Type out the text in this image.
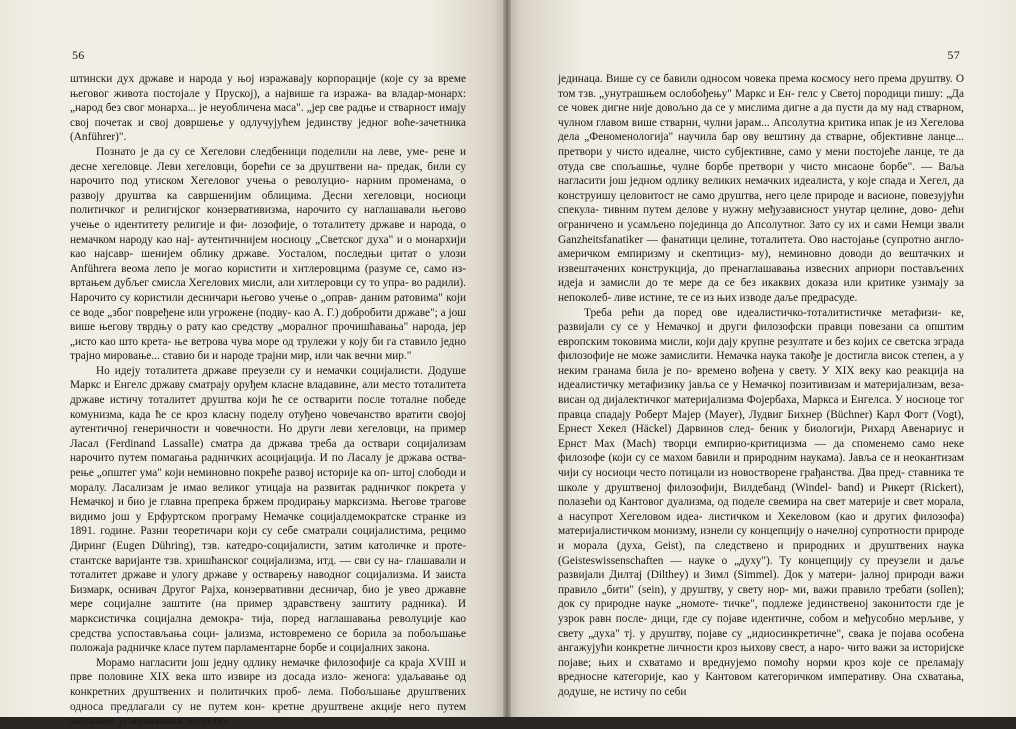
56

штински дух државе и народа у њој изражавају корпорације (које су за време његовог живота постојале у Пруској), а највише га изража- ва владар-монарх: „народ без свог монарха... је неуобличена маса". „јер све радње и стварност имају свој почетак и свој довршење у одлучујућем јединству једног воће-зачетника (Anführer)".

Познато је да су се Хегелови следбеници поделили на леве, уме- рене и десне хегеловце. Леви хегеловци, борећи се за друштвени на- предак, били су нарочито под утиском Хегеловог учења о револуцио- нарним променама, о развоју друштва ка савршенијим облицима. Десни хегеловци, носиоци политичког и религијског конзервативизма, нарочито су наглашавали његово учење о идентитету религије и фи- лозофије, о тоталитету државе и народа, о немачком народу као нај- аутентичнијем носиоцу „Светског духа" и о монархији као најсавр- шенијем облику државе. Уосталом, последњи цитат о улози Anführera веома лепо је могао користити и хитлеровцима (разуме се, само из- вртањем дубљег смисла Хегелових мисли, али хитлеровци су то упра- во радили). Нарочито су користили десничари његово учење о „оправ- даним ратовима" који се воде „због повређене или угрожене (подву- као А. Г.) добробити државе"; а још више његову тврдњу о рату као средству „моралног прочишћавања" народа, јер „исто као што крета- ње ветрова чува море од трулежи у коју би га ставило једно трајно мировање... ставио би и народе трајни мир, или чак вечни мир."

Но идеју тоталитета државе преузели су и немачки социјалисти. Додуше Маркс и Енгелс државу сматрају оруђем класне владавине, али место тоталитета државе истичу тоталитет друштва који ће се остварити после тоталне победе комунизма, када ће се кроз класну поделу отуђено човечанство вратити својој аутентичној генеричности и човечности. Но други леви хегеловци, на пример Ласал (Ferdinand Lassalle) сматра да држава треба да оствари социјализам нарочито путем помагања радничких асоцијација. И по Ласалу је држава оства- рење „општег ума" који неминовно покреће развој историје ка оп- штој слободи и моралу. Ласализам је имао великог утицаја на развитак радничког покрета у Немачкој и био је главна препрека бржем продирању марксизма. Његове трагове видимо још у Ерфуртском програму Немачке социјалдемократске странке из 1891. године. Разни теоретичари који су себе сматрали социјалистима, рецимо Диринг (Eugen Dühring), тзв. катедро-социјалисти, затим католичке и проте- стантске варијанте тзв. хришћанског социјализма, итд. — сви су на- глашавали и тоталитет државе и улогу државе у остварењу наводног социјализма. И заиста Бизмарк, оснивач Другог Рајха, конзервативни десничар, био је увео државне мере социјалне заштите (на пример здравствену заштиту радника). И марксистичка социјална демокра- тија, поред наглашавања револуције као средства успостављања соци- јализма, истовремено се борила за побољшање положаја радничке класе путем парламентарне борбе и социјалних закона.

Морамо нагласити још једну одлику немачке филозофије са краја XVIII и прве половине XIX века што извире из досада изло- женога: удаљавање од конкретних друштвених и политичких проб- лема. Побољшање друштвених односа предлагали су не путем кон- кретне друштвене акције него путем моралног усавршавања људи-по-

57

јединаца. Више су се бавили односом човека према космосу него према друштву. О том тзв. „унутрашњем ослобођењу" Маркс и Ен- гелс у Светој породици пишу: „Да се човек дигне није довољно да се у мислима дигне а да пусти да му над стварном, чулном главом више стварни, чулни јарам... Апсолутна критика ипак је из Хегелова дела „Феноменологија" научила бар ову вештину да стварне, објективне ланце... претвори у чисто идеалне, чисто субјективне, само у мени постојеће ланце, те да отуда све спољашње, чулне борбе претвори у чисто мисаоне борбе". — Ваља нагласити још једном одлику великих немачких идеалиста, у које спада и Хегел, да конструишу целовитост не само друштва, него целе природе и васионе, повезујући спекула- тивним путем делове у нужну међузависност унутар целине, дово- дећи ограничено и усамљено појединца до Апсолутног. Зато су их и сами Немци звали Ganzheitsfanatiker — фанатици целине, тоталитета. Ово настојање (супротно англо-америчком емпиризму и скептициз- му), неминовно доводи до вештачких и извештачених конструкција, до пренаглашавања извесних априори постављених идеја и замисли до те мере да се без икаквих доказа или критике узимају за непоколеб- ливе истине, те се из њих изводе даље предрасуде.

Треба рећи да поред ове идеалистичко-тоталитистичке метафизи- ке, развијали су се у Немачкој и други филозофски правци повезани са општим европским токовима мисли, који дају крупне резултате и без којих се светска зграда филозофије не може замислити. Немачка наука такође је достигла висок степен, а у неким гранама била је по- времено вођена у свету. У XIX веку као реакција на идеалистичку метафизику јавља се у Немачкој позитивизам и материјализам, веза- висан од дијалектичког материјализма Фојербаха, Маркса и Енгелса. У носиоце тог правца спадају Роберт Мајер (Mayer), Лудвиг Бихнер (Büchner) Карл Фогт (Vogt), Ернест Хекел (Häckel) Дарвинов след- беник у биологији, Рихард Авенариус и Ернст Мах (Mach) творци емпирио-критицизма — да споменемо само неке филозофе (који су се махом бавили и природним наукама). Јавља се и неокантизам чији су носиоци често потицали из новостворене грађанства. Два пред- ставника те школе у друштвеној филозофији, Вилдебанд (Windel- band) и Рикерт (Rickert), полазећи од Кантовог дуализма, од поделе свемира на свет материје и свет морала, а насупрот Хегеловом идеа- листичком и Хекеловом (као и других филозофа) материјалистичком монизму, изнели су концепцију о начелној супротности природе и морала (духа, Geist), па следствено и природних и друштвених наука (Geisteswissenschaften — науке о „духу"). Ту концепцију су преузели и даље развијали Дилтај (Dilthey) и Зимл (Simmel). Док у матери- јалној природи важи правило „бити" (sein), у друштву, у свету нор- ми, важи правило требати (sollen); док су природне науке „номоте- тичке", подлеже јединственој законитости где је узрок равн после- дици, где су појаве идентичне, собом и међусобно мерљиве, у свету „духа" тј. у друштву, појаве су „идиосинкретичне", свака је појава особена ангажујући конкретне личности кроз њихову свест, а наро- чито важи за историјске појаве; њих и схватамо и вреднујемо помоћу норми кроз које се преламају вредносне категорије, као у Кантовом категоричком императиву. Она схватања, додуше, не истичу по себи
